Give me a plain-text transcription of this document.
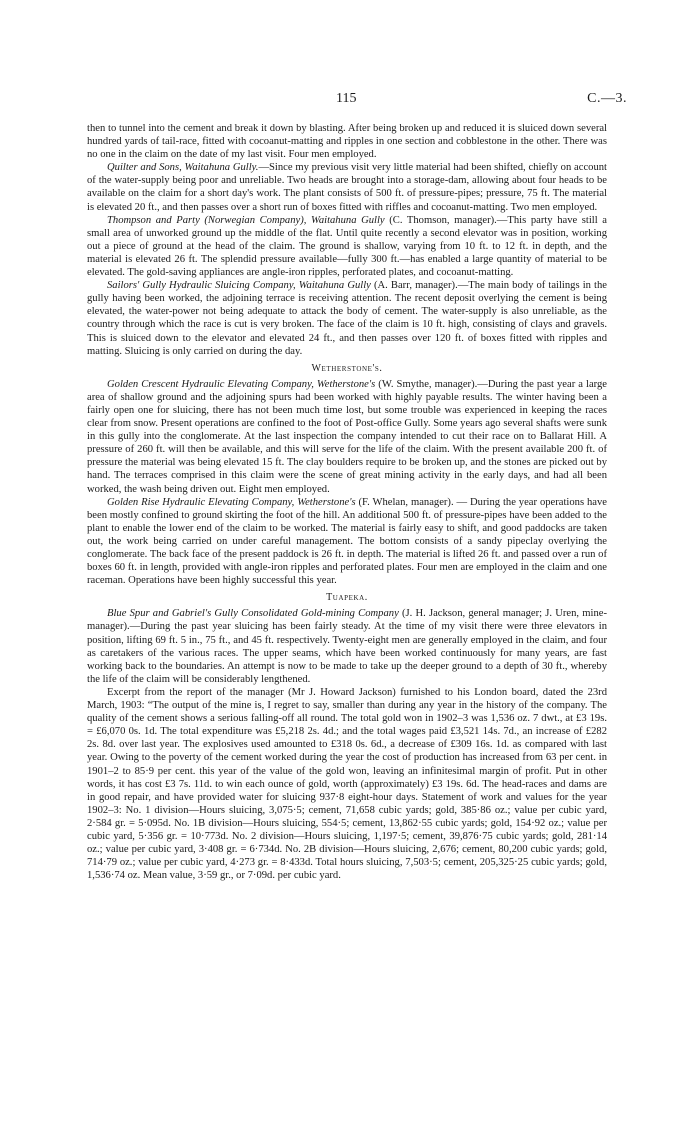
115	C.—3.

then to tunnel into the cement and break it down by blasting. After being broken up and reduced it is sluiced down several hundred yards of tail-race, fitted with cocoanut-matting and ripples in one section and cobblestone in the other. There was no one in the claim on the date of my last visit. Four men employed.

Quilter and Sons, Waitahuna Gully.—Since my previous visit very little material had been shifted, chiefly on account of the water-supply being poor and unreliable. Two heads are brought into a storage-dam, allowing about four heads to be available on the claim for a short day's work. The plant consists of 500 ft. of pressure-pipes; pressure, 75 ft. The material is elevated 20 ft., and then passes over a short run of boxes fitted with riffles and cocoanut-matting. Two men employed.

Thompson and Party (Norwegian Company), Waitahuna Gully (C. Thomson, manager).—This party have still a small area of unworked ground up the middle of the flat. Until quite recently a second elevator was in position, working out a piece of ground at the head of the claim. The ground is shallow, varying from 10 ft. to 12 ft. in depth, and the material is elevated 26 ft. The splendid pressure available—fully 300 ft.—has enabled a large quantity of material to be elevated. The gold-saving appliances are angle-iron ripples, perforated plates, and cocoanut-matting.

Sailors' Gully Hydraulic Sluicing Company, Waitahuna Gully (A. Barr, manager).—The main body of tailings in the gully having been worked, the adjoining terrace is receiving attention. The recent deposit overlying the cement is being elevated, the water-power not being adequate to attack the body of cement. The water-supply is also unreliable, as the country through which the race is cut is very broken. The face of the claim is 10 ft. high, consisting of clays and gravels. This is sluiced down to the elevator and elevated 24 ft., and then passes over 120 ft. of boxes fitted with ripples and matting. Sluicing is only carried on during the day.

Wetherstone's.

Golden Crescent Hydraulic Elevating Company, Wetherstone's (W. Smythe, manager).—During the past year a large area of shallow ground and the adjoining spurs had been worked with highly payable results. The winter having been a fairly open one for sluicing, there has not been much time lost, but some trouble was experienced in keeping the races clear from snow. Present operations are confined to the foot of Post-office Gully. Some years ago several shafts were sunk in this gully into the conglomerate. At the last inspection the company intended to cut their race on to Ballarat Hill. A pressure of 260 ft. will then be available, and this will serve for the life of the claim. With the present available 200 ft. of pressure the material was being elevated 15 ft. The clay boulders require to be broken up, and the stones are picked out by hand. The terraces comprised in this claim were the scene of great mining activity in the early days, and had all been worked, the wash being driven out. Eight men employed.

Golden Rise Hydraulic Elevating Company, Wetherstone's (F. Whelan, manager). — During the year operations have been mostly confined to ground skirting the foot of the hill. An additional 500 ft. of pressure-pipes have been added to the plant to enable the lower end of the claim to be worked. The material is fairly easy to shift, and good paddocks are taken out, the work being carried on under careful management. The bottom consists of a sandy pipeclay overlying the conglomerate. The back face of the present paddock is 26 ft. in depth. The material is lifted 26 ft. and passed over a run of boxes 60 ft. in length, provided with angle-iron ripples and perforated plates. Four men are employed in the claim and one raceman. Operations have been highly successful this year.

Tuapeka.

Blue Spur and Gabriel's Gully Consolidated Gold-mining Company (J. H. Jackson, general manager; J. Uren, mine-manager).—During the past year sluicing has been fairly steady. At the time of my visit there were three elevators in position, lifting 69 ft. 5 in., 75 ft., and 45 ft. respectively. Twenty-eight men are generally employed in the claim, and four as caretakers of the various races. The upper seams, which have been worked continuously for many years, are fast working back to the boundaries. An attempt is now to be made to take up the deeper ground to a depth of 30 ft., whereby the life of the claim will be considerably lengthened.

Excerpt from the report of the manager (Mr J. Howard Jackson) furnished to his London board, dated the 23rd March, 1903: “The output of the mine is, I regret to say, smaller than during any year in the history of the company. The quality of the cement shows a serious falling-off all round. The total gold won in 1902–3 was 1,536 oz. 7 dwt., at £3 19s. = £6,070 0s. 1d. The total expenditure was £5,218 2s. 4d.; and the total wages paid £3,521 14s. 7d., an increase of £282 2s. 8d. over last year. The explosives used amounted to £318 0s. 6d., a decrease of £309 16s. 1d. as compared with last year. Owing to the poverty of the cement worked during the year the cost of production has increased from 63 per cent. in 1901–2 to 85·9 per cent. this year of the value of the gold won, leaving an infinitesimal margin of profit. Put in other words, it has cost £3 7s. 11d. to win each ounce of gold, worth (approximately) £3 19s. 6d. The head-races and dams are in good repair, and have provided water for sluicing 937·8 eight-hour days. Statement of work and values for the year 1902–3: No. 1 division—Hours sluicing, 3,075·5; cement, 71,658 cubic yards; gold, 385·86 oz.; value per cubic yard, 2·584 gr. = 5·095d. No. 1B division—Hours sluicing, 554·5; cement, 13,862·55 cubic yards; gold, 154·92 oz.; value per cubic yard, 5·356 gr. = 10·773d. No. 2 division—Hours sluicing, 1,197·5; cement, 39,876·75 cubic yards; gold, 281·14 oz.; value per cubic yard, 3·408 gr. = 6·734d. No. 2B division—Hours sluicing, 2,676; cement, 80,200 cubic yards; gold, 714·79 oz.; value per cubic yard, 4·273 gr. = 8·433d. Total hours sluicing, 7,503·5; cement, 205,325·25 cubic yards; gold, 1,536·74 oz. Mean value, 3·59 gr., or 7·09d. per cubic yard.
